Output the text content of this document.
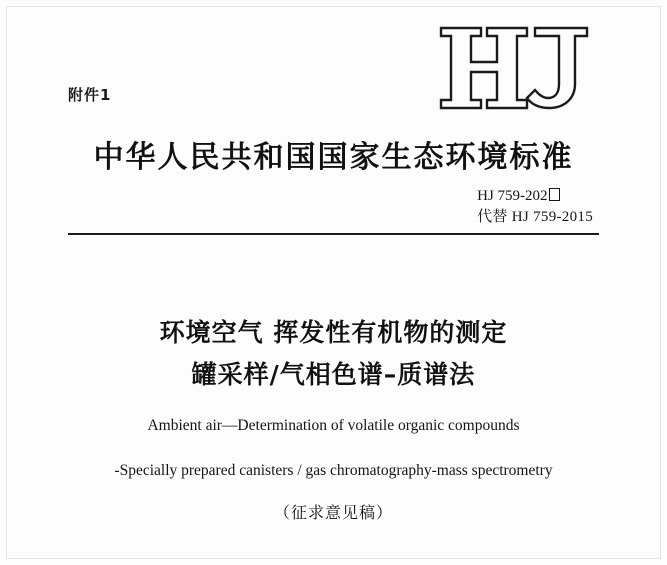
附件1
中华人民共和国国家生态环境标准
HJ 759-202
代替 HJ 759-2015
环境空气 挥发性有机物的测定
罐采样/气相色谱–质谱法
Ambient air—Determination of volatile organic compounds
-Specially prepared canisters / gas chromatography-mass spectrometry
（征求意见稿）
